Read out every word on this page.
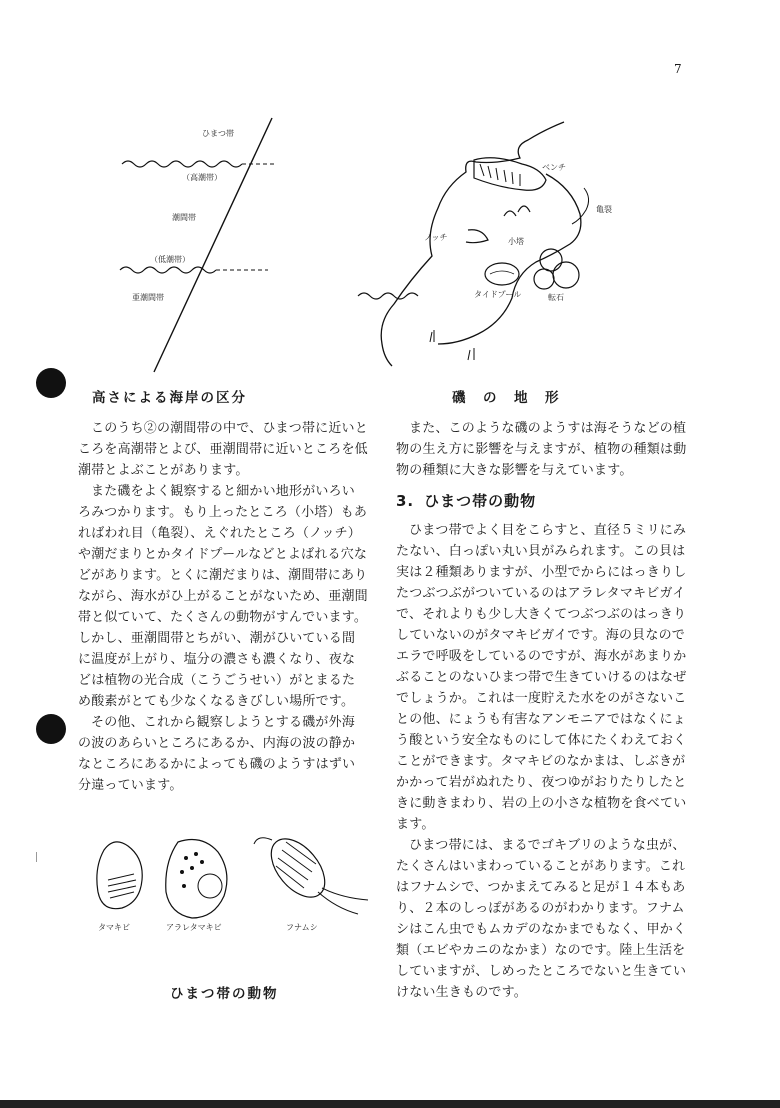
7
ひまつ帯
（高潮帯）
潮間帯
（低潮帯）
亜潮間帯
ベンチ
亀裂
ノッチ	小塔
タイドプール	転石
高さによる海岸の区分	磯　の　地　形

このうち②の潮間帯の中で、ひまつ帯に近いところを高潮帯とよび、亜潮間帯に近いところを低潮帯とよぶことがあります。

また磯をよく観察すると細かい地形がいろいろみつかります。もり上ったところ（小塔）もあればわれ目（亀裂）、えぐれたところ（ノッチ）や潮だまりとかタイドプールなどとよばれる穴などがあります。とくに潮だまりは、潮間帯にありながら、海水がひ上がることがないため、亜潮間帯と似ていて、たくさんの動物がすんでいます。しかし、亜潮間帯とちがい、潮がひいている間に温度が上がり、塩分の濃さも濃くなり、夜などは植物の光合成（こうごうせい）がとまるため酸素がとても少なくなるきびしい場所です。

その他、これから観察しようとする磯が外海の波のあらいところにあるか、内海の波の静かなところにあるかによっても磯のようすはずい分違っています。

また、このような磯のようすは海そうなどの植物の生え方に影響を与えますが、植物の種類は動物の種類に大きな影響を与えています。

3. ひまつ帯の動物

ひまつ帯でよく目をこらすと、直径５ミリにみたない、白っぽい丸い貝がみられます。この貝は実は２種類ありますが、小型でからにはっきりしたつぶつぶがついているのはアラレタマキビガイで、それよりも少し大きくてつぶつぶのはっきりしていないのがタマキビガイです。海の貝なのでエラで呼吸をしているのですが、海水があまりかぶることのないひまつ帯で生きていけるのはなぜでしょうか。これは一度貯えた水をのがさないことの他、にょうも有害なアンモニアではなくにょう酸という安全なものにして体にたくわえておくことができます。タマキビのなかまは、しぶきがかかって岩がぬれたり、夜つゆがおりたりしたときに動きまわり、岩の上の小さな植物を食べています。

ひまつ帯には、まるでゴキブリのような虫が、たくさんはいまわっていることがあります。これはフナムシで、つかまえてみると足が１４本もあり、２本のしっぽがあるのがわかります。フナムシはこん虫でもムカデのなかまでもなく、甲かく類（エビやカニのなかま）なのです。陸上生活をしていますが、しめったところでないと生きていけない生きものです。

タマキビ	アラレタマキビ	フナムシ
ひまつ帯の動物
